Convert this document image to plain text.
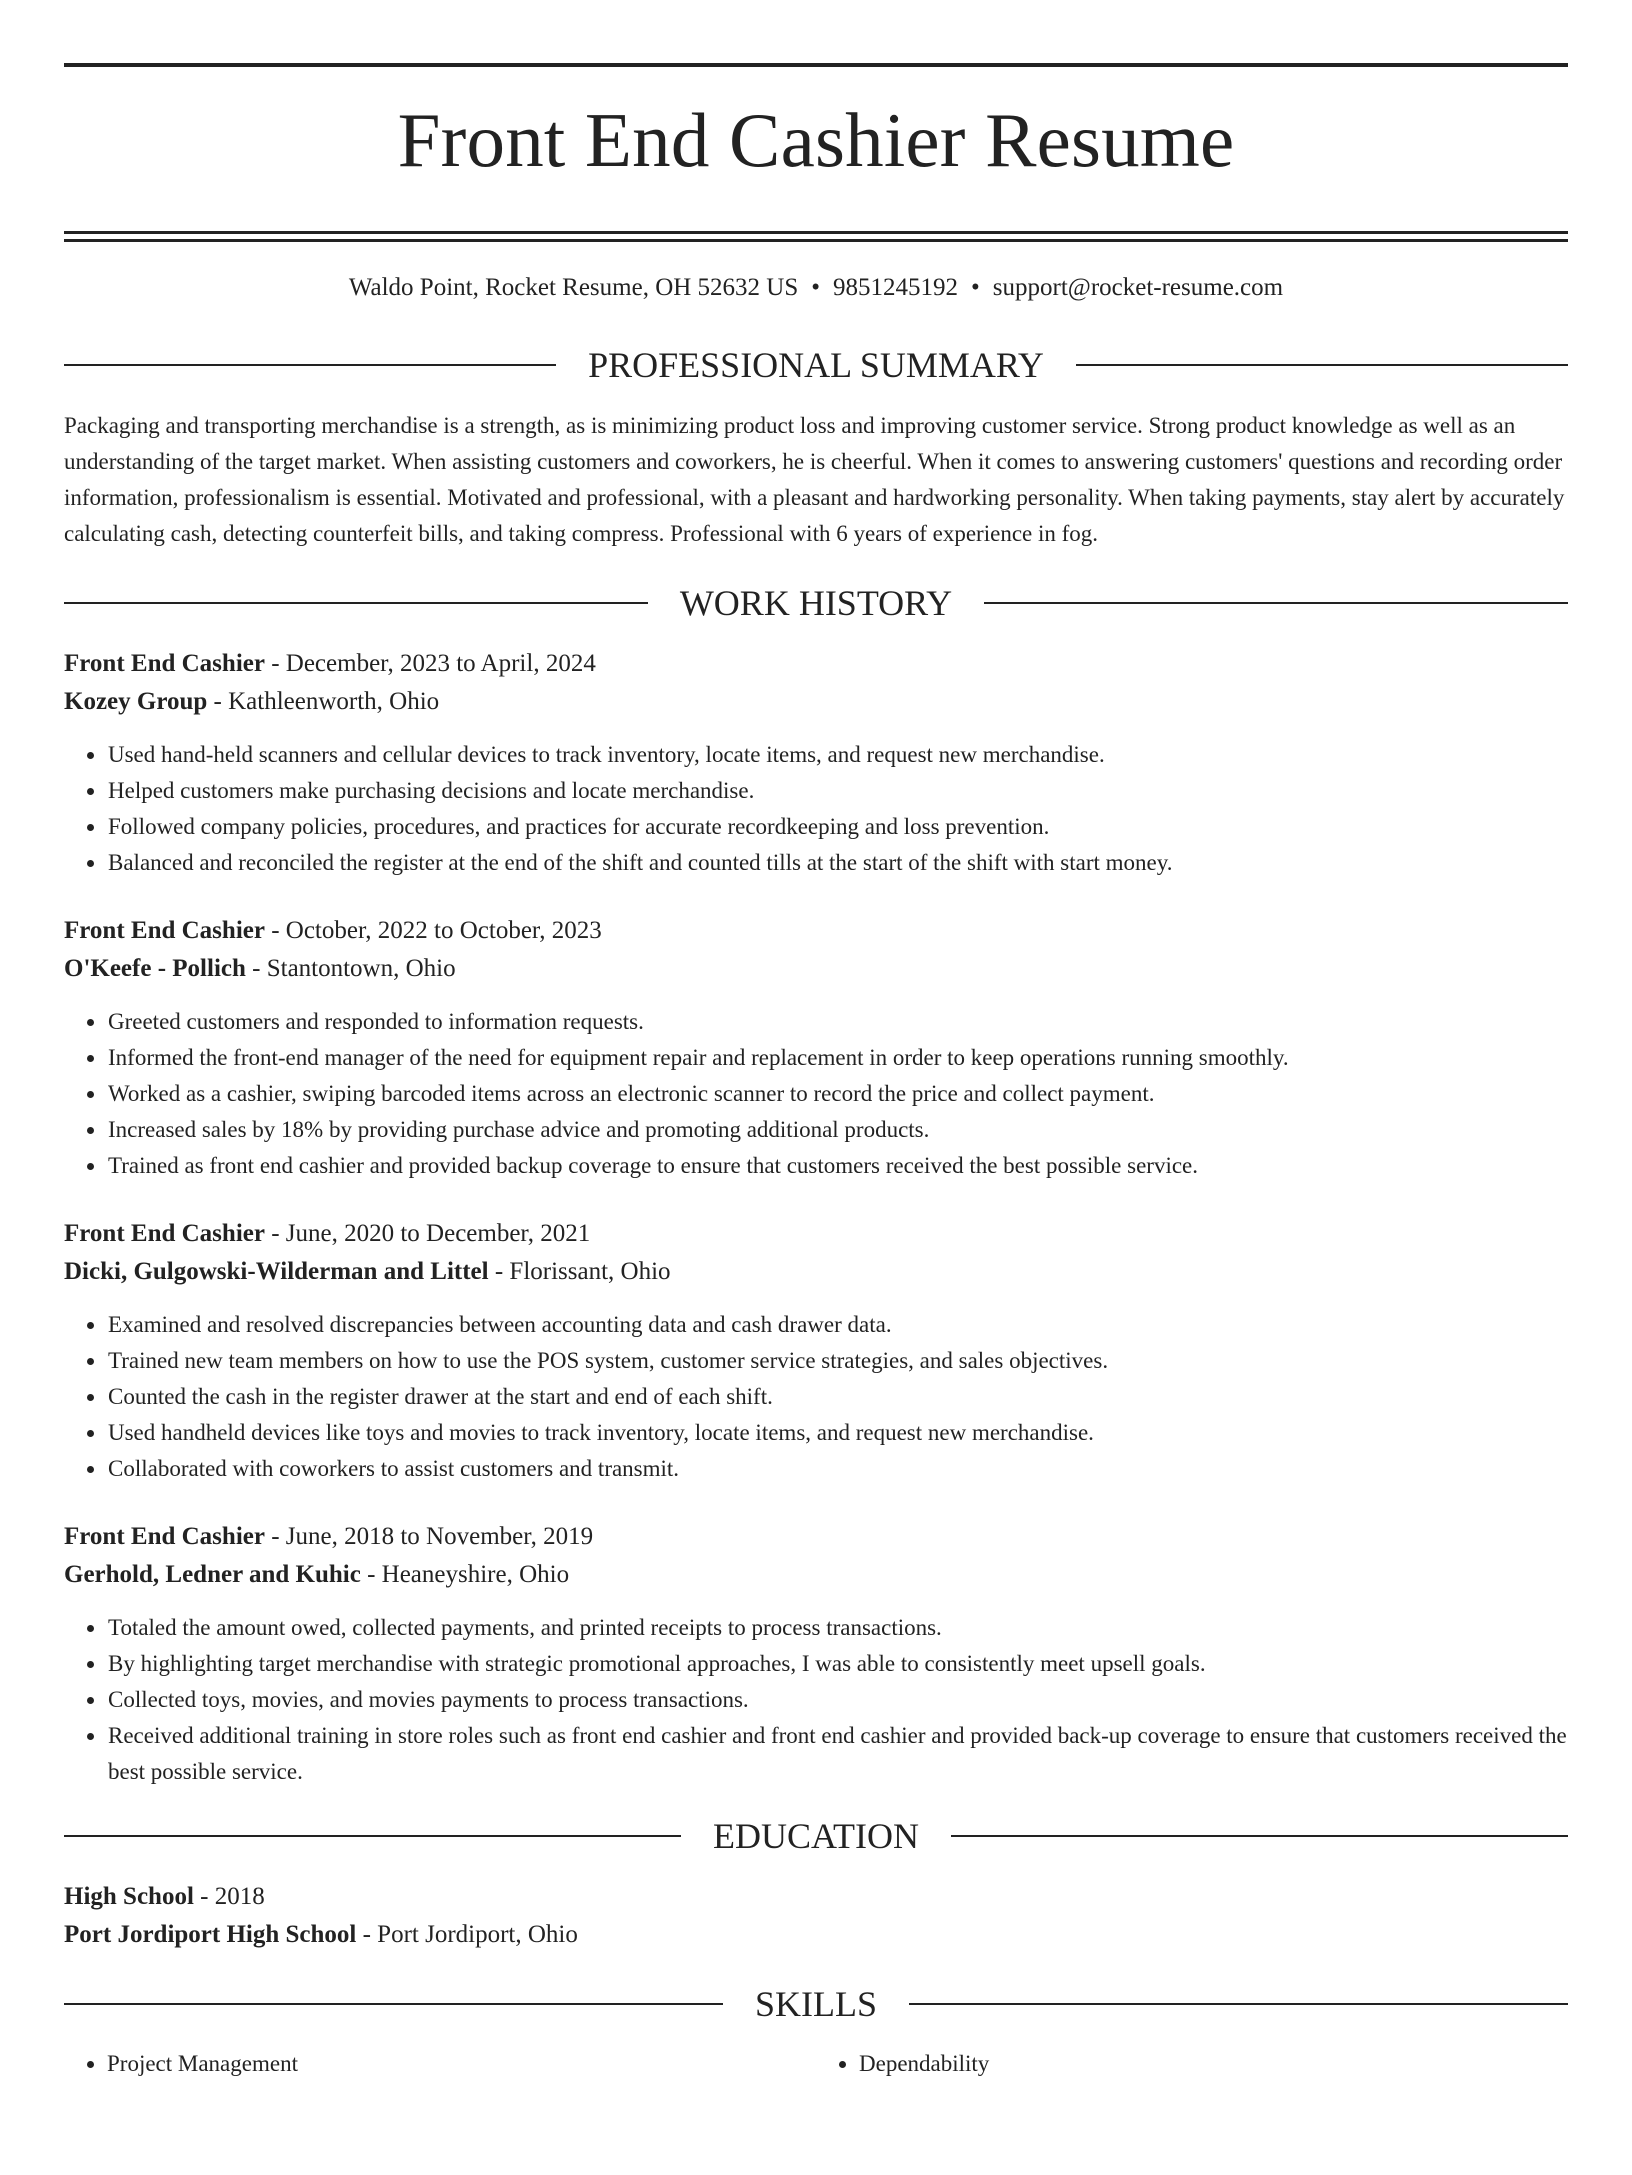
Front End Cashier Resume
Waldo Point, Rocket Resume, OH 52632 US • 9851245192 • support@rocket-resume.com
PROFESSIONAL SUMMARY

Packaging and transporting merchandise is a strength, as is minimizing product loss and improving customer service. Strong product knowledge as well as an understanding of the target market. When assisting customers and coworkers, he is cheerful. When it comes to answering customers' questions and recording order information, professionalism is essential. Motivated and professional, with a pleasant and hardworking personality. When taking payments, stay alert by accurately calculating cash, detecting counterfeit bills, and taking compress. Professional with 6 years of experience in fog.

WORK HISTORY
Front End Cashier - December, 2023 to April, 2024
Kozey Group - Kathleenworth, Ohio
• Used hand-held scanners and cellular devices to track inventory, locate items, and request new merchandise.
• Helped customers make purchasing decisions and locate merchandise.
• Followed company policies, procedures, and practices for accurate recordkeeping and loss prevention.
• Balanced and reconciled the register at the end of the shift and counted tills at the start of the shift with start money.
Front End Cashier - October, 2022 to October, 2023
O'Keefe - Pollich - Stantontown, Ohio
• Greeted customers and responded to information requests.
• Informed the front-end manager of the need for equipment repair and replacement in order to keep operations running smoothly.
• Worked as a cashier, swiping barcoded items across an electronic scanner to record the price and collect payment.
• Increased sales by 18% by providing purchase advice and promoting additional products.
• Trained as front end cashier and provided backup coverage to ensure that customers received the best possible service.
Front End Cashier - June, 2020 to December, 2021
Dicki, Gulgowski-Wilderman and Littel - Florissant, Ohio
• Examined and resolved discrepancies between accounting data and cash drawer data.
• Trained new team members on how to use the POS system, customer service strategies, and sales objectives.
• Counted the cash in the register drawer at the start and end of each shift.
• Used handheld devices like toys and movies to track inventory, locate items, and request new merchandise.
• Collaborated with coworkers to assist customers and transmit.
Front End Cashier - June, 2018 to November, 2019
Gerhold, Ledner and Kuhic - Heaneyshire, Ohio
• Totaled the amount owed, collected payments, and printed receipts to process transactions.
• By highlighting target merchandise with strategic promotional approaches, I was able to consistently meet upsell goals.
• Collected toys, movies, and movies payments to process transactions.
• Received additional training in store roles such as front end cashier and front end cashier and provided back-up coverage to ensure that customers received the best possible service.
EDUCATION
High School - 2018
Port Jordiport High School - Port Jordiport, Ohio
SKILLS
• Project Management
•	Dependability
